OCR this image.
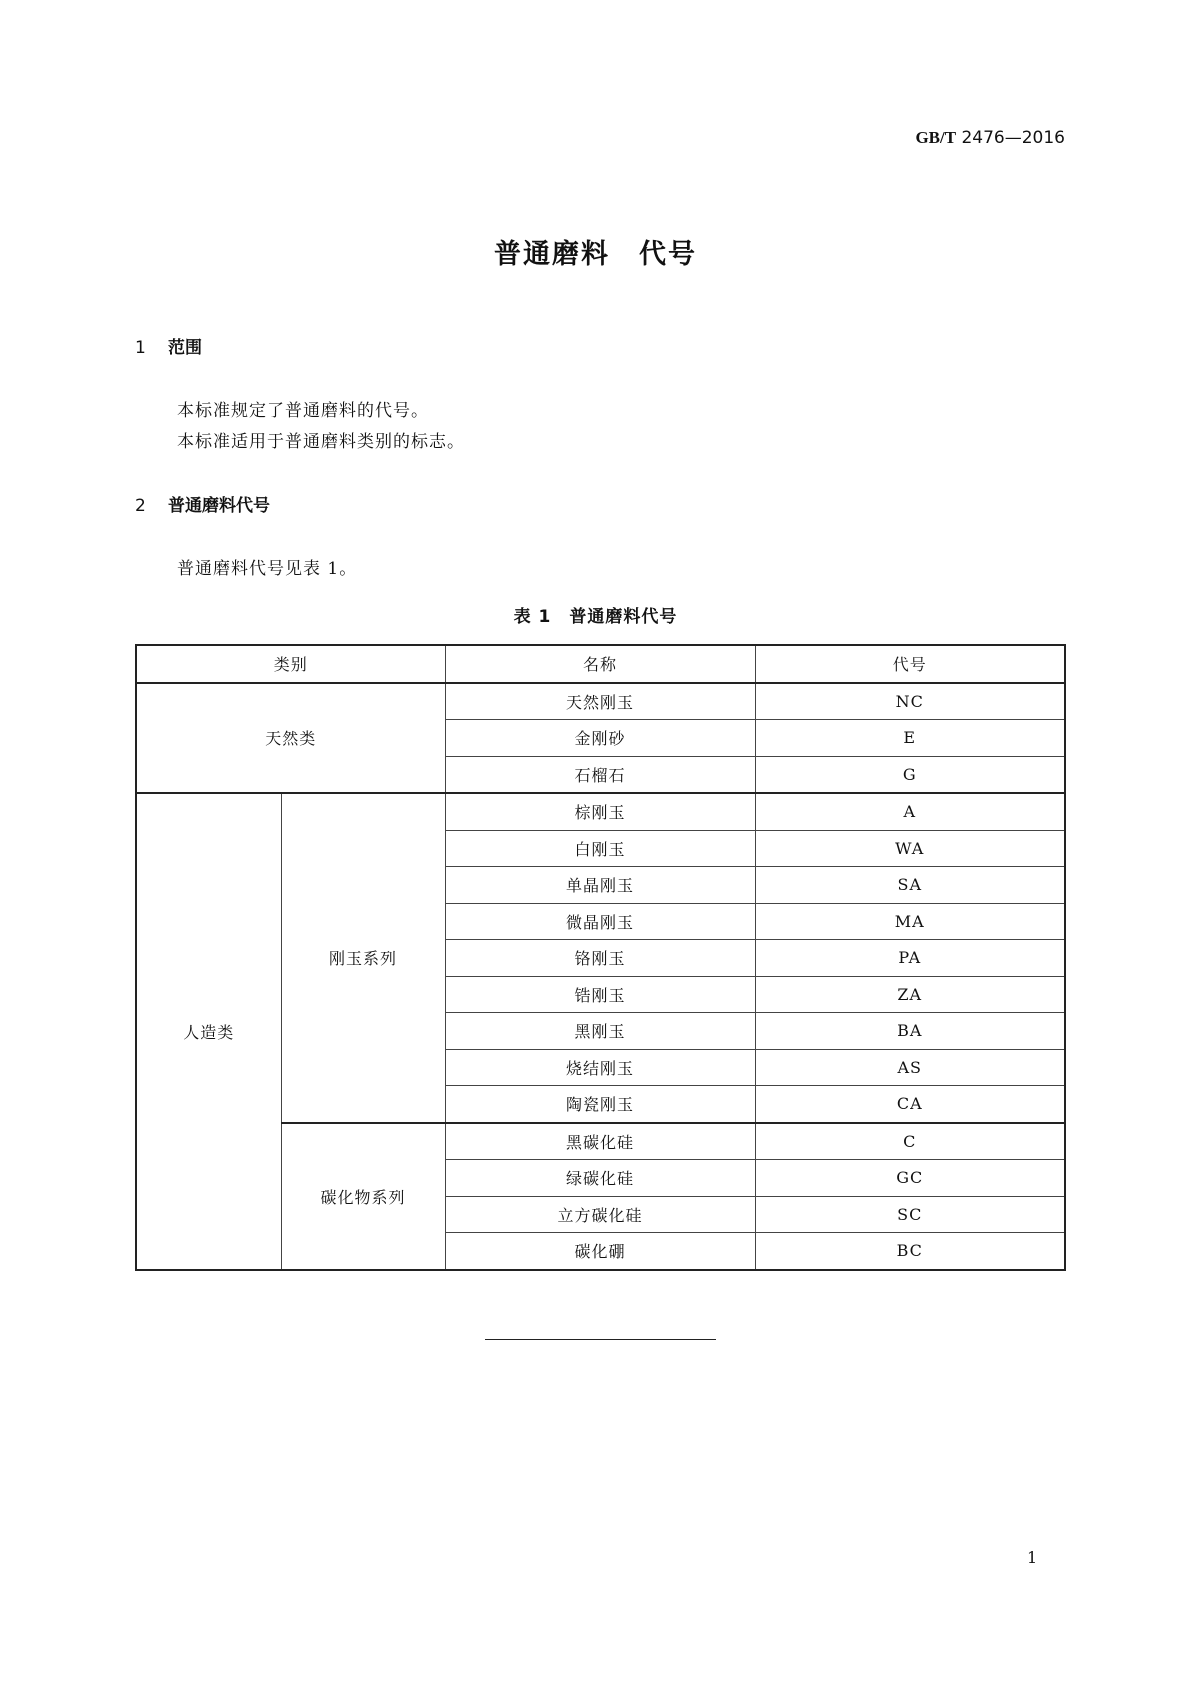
GB/T 2476—2016
普通磨料　代号
1 范围
本标准规定了普通磨料的代号。
本标准适用于普通磨料类别的标志。
2 普通磨料代号
普通磨料代号见表 1。
表 1　普通磨料代号
类别		名称	代号
天然类		天然刚玉	NC
		金刚砂	E
		石榴石	G
人造类	刚玉系列	棕刚玉	A
		白刚玉	WA
		单晶刚玉	SA
		微晶刚玉	MA
		铬刚玉	PA
		锆刚玉	ZA
		黑刚玉	BA
		烧结刚玉	AS
		陶瓷刚玉	CA
	碳化物系列	黑碳化硅	C
		绿碳化硅	GC
		立方碳化硅	SC
		碳化硼	BC
1
